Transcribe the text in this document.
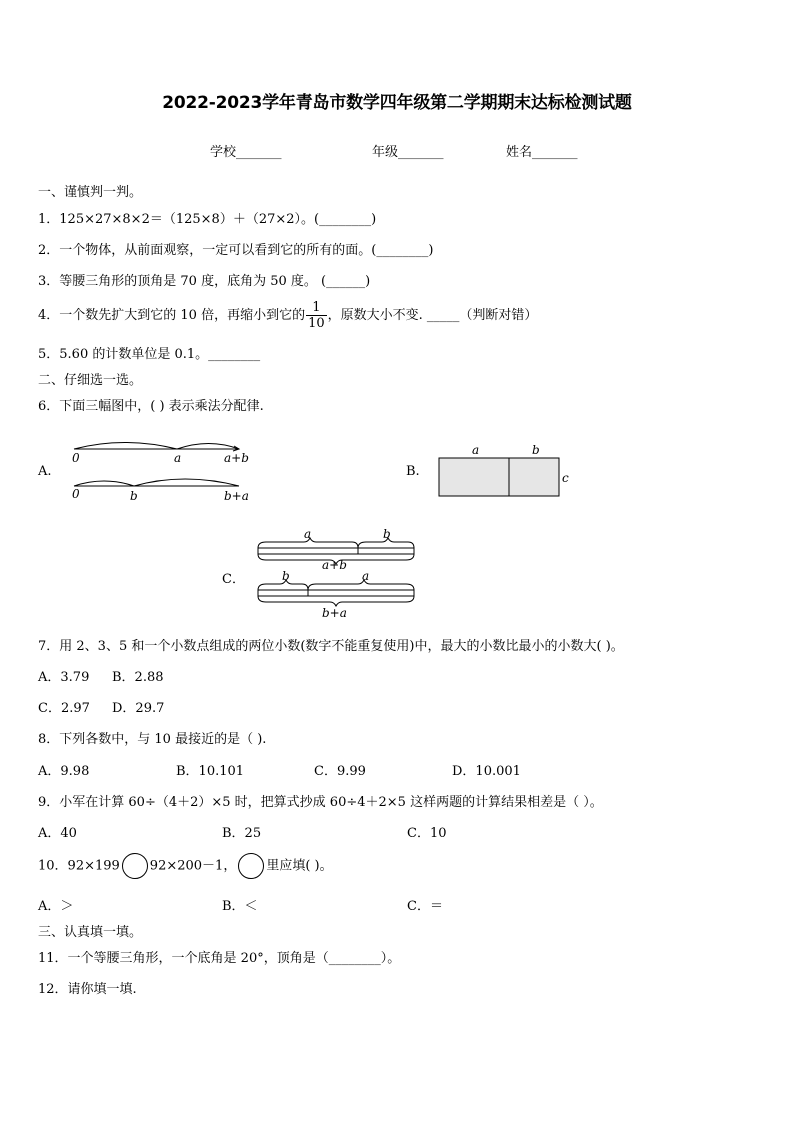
2022-2023学年青岛市数学四年级第二学期期末达标检测试题
学校_______	年级_______	姓名_______
一、谨慎判一判。
1．125×27×8×2＝（125×8）＋（27×2）。(________)
2．一个物体，从前面观察，一定可以看到它的所有的面。(________)
3．等腰三角形的顶角是 70 度，底角为 50 度。 (______)
4．一个数先扩大到它的 10 倍，再缩小到它的 $\frac{1}{10}$ ，原数大小不变. _____（判断对错）
5．5.60 的计数单位是 0.1。________
二、仔细选一选。
6．下面三幅图中，( ) 表示乘法分配律.
A.
0	a	a+b
0	b	b+a
B.
a	b
c
C．
a	b
a+b
b	a
b+a
7．用 2、3、5 和一个小数点组成的两位小数(数字不能重复使用)中，最大的小数比最小的小数大( )。
A．3.79 B．2.88
C．2.97 D．29.7
8．下列各数中，与 10 最接近的是（ ).
A．9.98	B．10.101	C．9.99	D．10.001
9．小军在计算 60÷（4＋2）×5 时，把算式抄成 60÷4＋2×5 这样两题的计算结果相差是（ ）。
A．40	B．25	C．10
10．92×199 92×200－1， 里应填( )。
A．＞	B．＜	C．＝
三、认真填一填。
11．一个等腰三角形，一个底角是 20°，顶角是（________）。
12．请你填一填.
